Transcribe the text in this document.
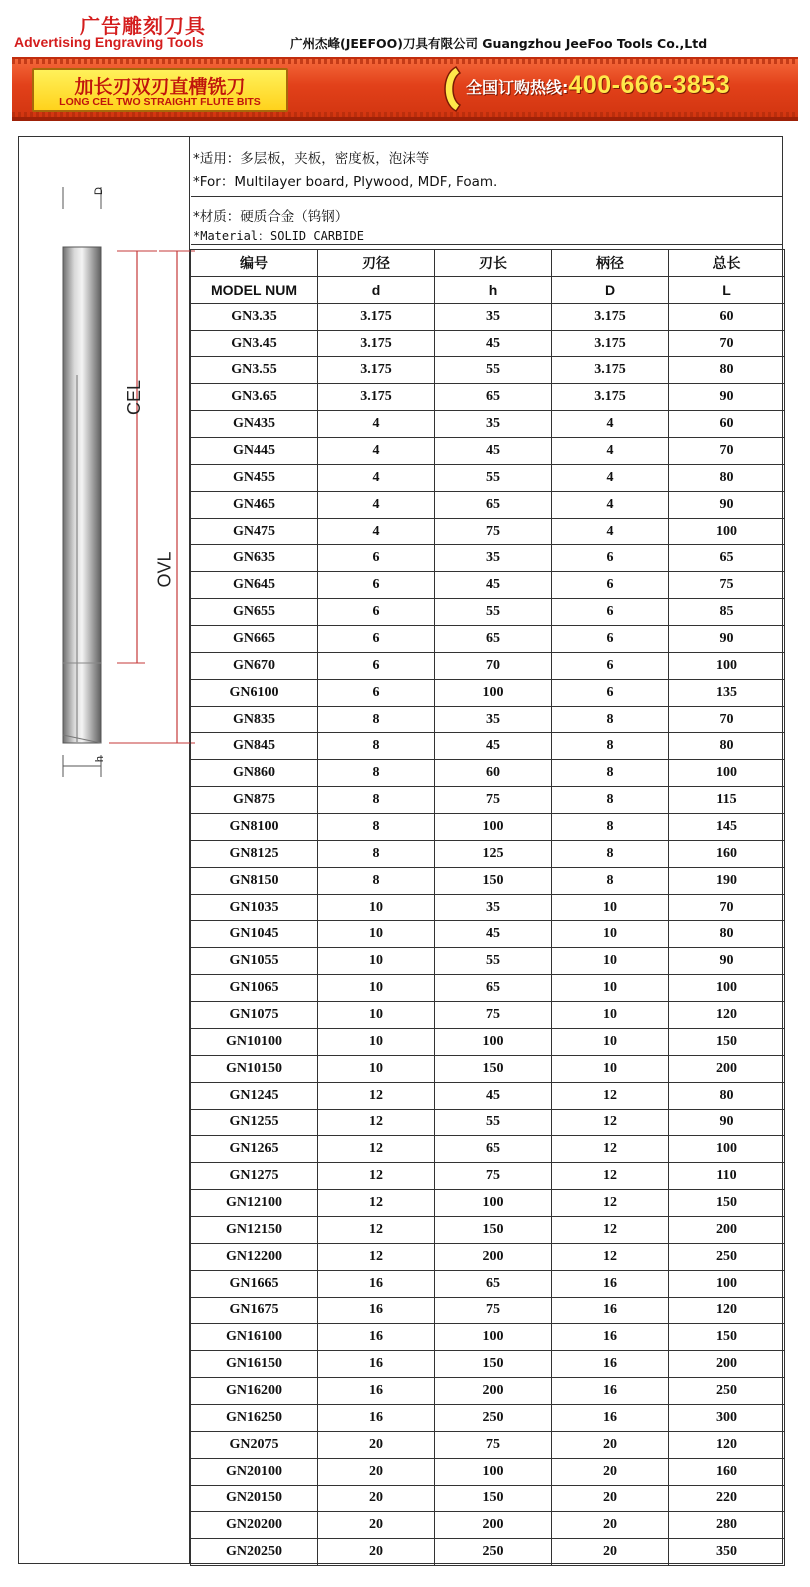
广告雕刻刀具
Advertising Engraving Tools	广州杰峰(JEEFOO)刀具有限公司 Guangzhou JeeFoo Tools Co.,Ltd
加长刃双刃直槽铣刀
LONG CEL TWO STRAIGHT FLUTE BITS
全国订购热线:400-666-3853
D
CEL
OVL
h
*适用：多层板，夹板，密度板，泡沫等
*For：Multilayer board, Plywood, MDF, Foam.
*材质：硬质合金（钨钢）
*Material：SOLID CARBIDE
编号	刃径	刃长	柄径	总长
MODEL NUM	d	h	D	L
GN3.35	3.175	35	3.175	60
GN3.45	3.175	45	3.175	70
GN3.55	3.175	55	3.175	80
GN3.65	3.175	65	3.175	90
GN435	4	35	4	60
GN445	4	45	4	70
GN455	4	55	4	80
GN465	4	65	4	90
GN475	4	75	4	100
GN635	6	35	6	65
GN645	6	45	6	75
GN655	6	55	6	85
GN665	6	65	6	90
GN670	6	70	6	100
GN6100	6	100	6	135
GN835	8	35	8	70
GN845	8	45	8	80
GN860	8	60	8	100
GN875	8	75	8	115
GN8100	8	100	8	145
GN8125	8	125	8	160
GN8150	8	150	8	190
GN1035	10	35	10	70
GN1045	10	45	10	80
GN1055	10	55	10	90
GN1065	10	65	10	100
GN1075	10	75	10	120
GN10100	10	100	10	150
GN10150	10	150	10	200
GN1245	12	45	12	80
GN1255	12	55	12	90
GN1265	12	65	12	100
GN1275	12	75	12	110
GN12100	12	100	12	150
GN12150	12	150	12	200
GN12200	12	200	12	250
GN1665	16	65	16	100
GN1675	16	75	16	120
GN16100	16	100	16	150
GN16150	16	150	16	200
GN16200	16	200	16	250
GN16250	16	250	16	300
GN2075	20	75	20	120
GN20100	20	100	20	160
GN20150	20	150	20	220
GN20200	20	200	20	280
GN20250	20	250	20	350
